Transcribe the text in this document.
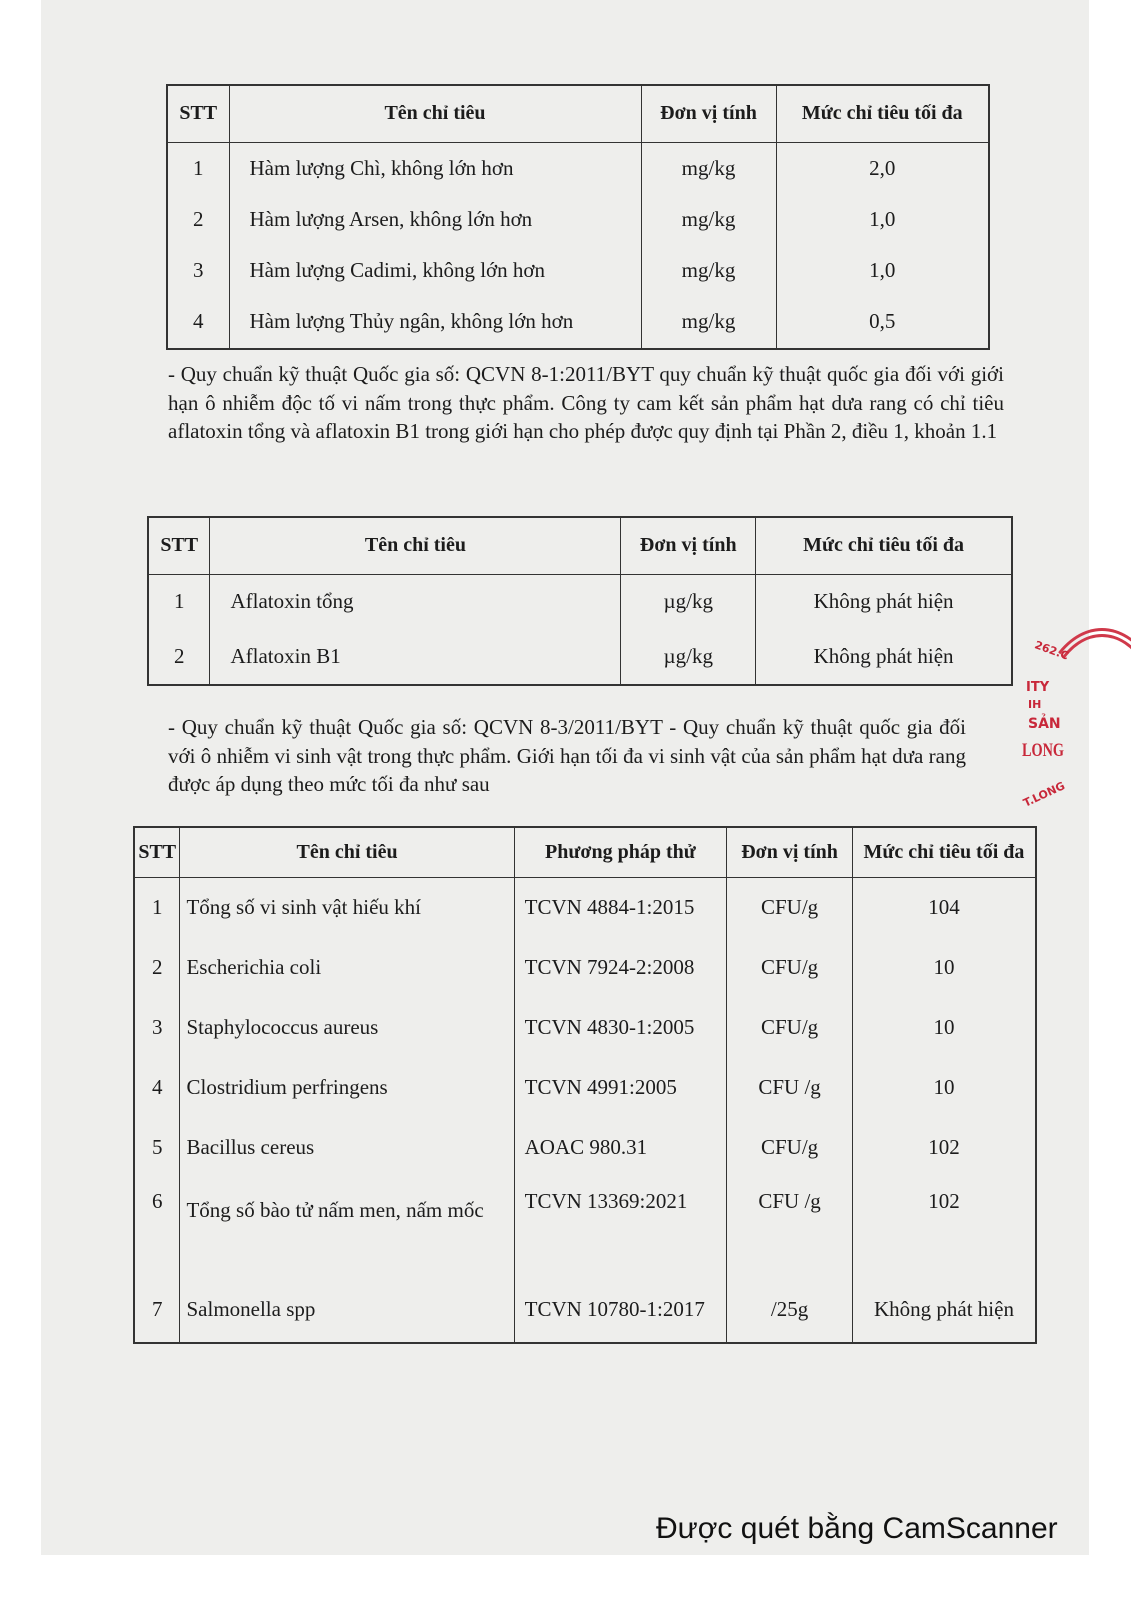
STT	Tên chỉ tiêu	Đơn vị tính	Mức chỉ tiêu tối đa
1	Hàm lượng Chì, không lớn hơn	mg/kg	2,0
2	Hàm lượng Arsen, không lớn hơn	mg/kg	1,0
3	Hàm lượng Cadimi, không lớn hơn	mg/kg	1,0
4	Hàm lượng Thủy ngân, không lớn hơn	mg/kg	0,5

- Quy chuẩn kỹ thuật Quốc gia số: QCVN 8-1:2011/BYT quy chuẩn kỹ thuật quốc gia đối với giới hạn ô nhiễm độc tố vi nấm trong thực phẩm. Công ty cam kết sản phẩm hạt dưa rang có chỉ tiêu aflatoxin tổng và aflatoxin B1 trong giới hạn cho phép được quy định tại Phần 2, điều 1, khoản 1.1

STT	Tên chỉ tiêu	Đơn vị tính	Mức chỉ tiêu tối đa
1	Aflatoxin tổng	µg/kg	Không phát hiện
2	Aflatoxin B1	µg/kg	Không phát hiện

- Quy chuẩn kỹ thuật Quốc gia số: QCVN 8-3/2011/BYT - Quy chuẩn kỹ thuật quốc gia đối với ô nhiễm vi sinh vật trong thực phẩm. Giới hạn tối đa vi sinh vật của sản phẩm hạt dưa rang được áp dụng theo mức tối đa như sau

STT	Tên chỉ tiêu	Phương pháp thử	Đơn vị tính	Mức chỉ tiêu tối đa
1	Tổng số vi sinh vật hiếu khí	TCVN 4884-1:2015	CFU/g	104
2	Escherichia coli	TCVN 7924-2:2008	CFU/g	10
3	Staphylococcus aureus	TCVN 4830-1:2005	CFU/g	10
4	Clostridium perfringens	TCVN 4991:2005	CFU /g	10
5	Bacillus cereus	AOAC 980.31	CFU/g	102
6	Tổng số bào tử nấm men, nấm mốc	TCVN 13369:2021	CFU /g	102
7	Salmonella spp	TCVN 10780-1:2017	/25g	Không phát hiện
262.C
ITY
IH
SẢN
LONG
T.LONG
Được quét bằng CamScanner
